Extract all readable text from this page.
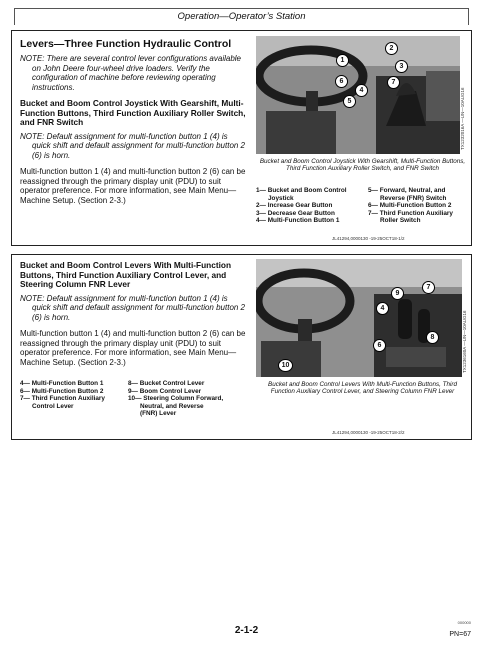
Operation—Operator’s Station
Levers—Three Function Hydraulic Control

NOTE: There are several control lever configurations available on John Deere four-wheel drive loaders. Verify the configuration of machine before reviewing operating instructions.

Bucket and Boom Control Joystick With Gearshift, Multi-Function Buttons, Third Function Auxiliary Roller Switch, and FNR Switch

NOTE: Default assignment for multi-function button 1 (4) is quick shift and default assignment for multi-function button 2 (6) is horn.

Multi-function button 1 (4) and multi-function button 2 (6) can be reassigned through the primary display unit (PDU) to suit operator preference. For more information, see Main Menu—Machine Setup. (Section 2-3.)

1
2
3
7
6
4
5	TX1232016A —UN—10AUG16
Bucket and Boom Control Joystick With Gearshift, Multi-Function Buttons, Third Function Auxiliary Roller Switch, and FNR Switch
1— Bucket and Boom Control
Joystick
2— Increase Gear Button
3— Decrease Gear Button
4— Multi-Function Button 1
5— Forward, Neutral, and
Reverse (FNR) Switch
6— Multi-Function Button 2
7— Third Function Auxiliary
Roller Switch
JL41294,0000130 -19-25OCT18-1/2
Bucket and Boom Control Levers With Multi-Function Buttons, Third Function Auxiliary Control Lever, and Steering Column FNR Lever

NOTE: Default assignment for multi-function button 1 (4) is quick shift and default assignment for multi-function button 2 (6) is horn.

Multi-function button 1 (4) and multi-function button 2 (6) can be reassigned through the primary display unit (PDU) to suit operator preference. For more information, see Main Menu—Machine Setup. (Section 2-3.)

9
7
4
8
6
10	TX1236160A —UN—10AUG16
Bucket and Boom Control Levers With Multi-Function Buttons, Third Function Auxiliary Control Lever, and Steering Column FNR Lever
4— Multi-Function Button 1
6— Multi-Function Button 2
7— Third Function Auxiliary
Control Lever
8— Bucket Control Lever
9— Boom Control Lever
10— Steering Column Forward,
Neutral, and Reverse
(FNR) Lever
JL41294,0000130 -19-25OCT18-2/2
000000
2-1-2	PN=67
